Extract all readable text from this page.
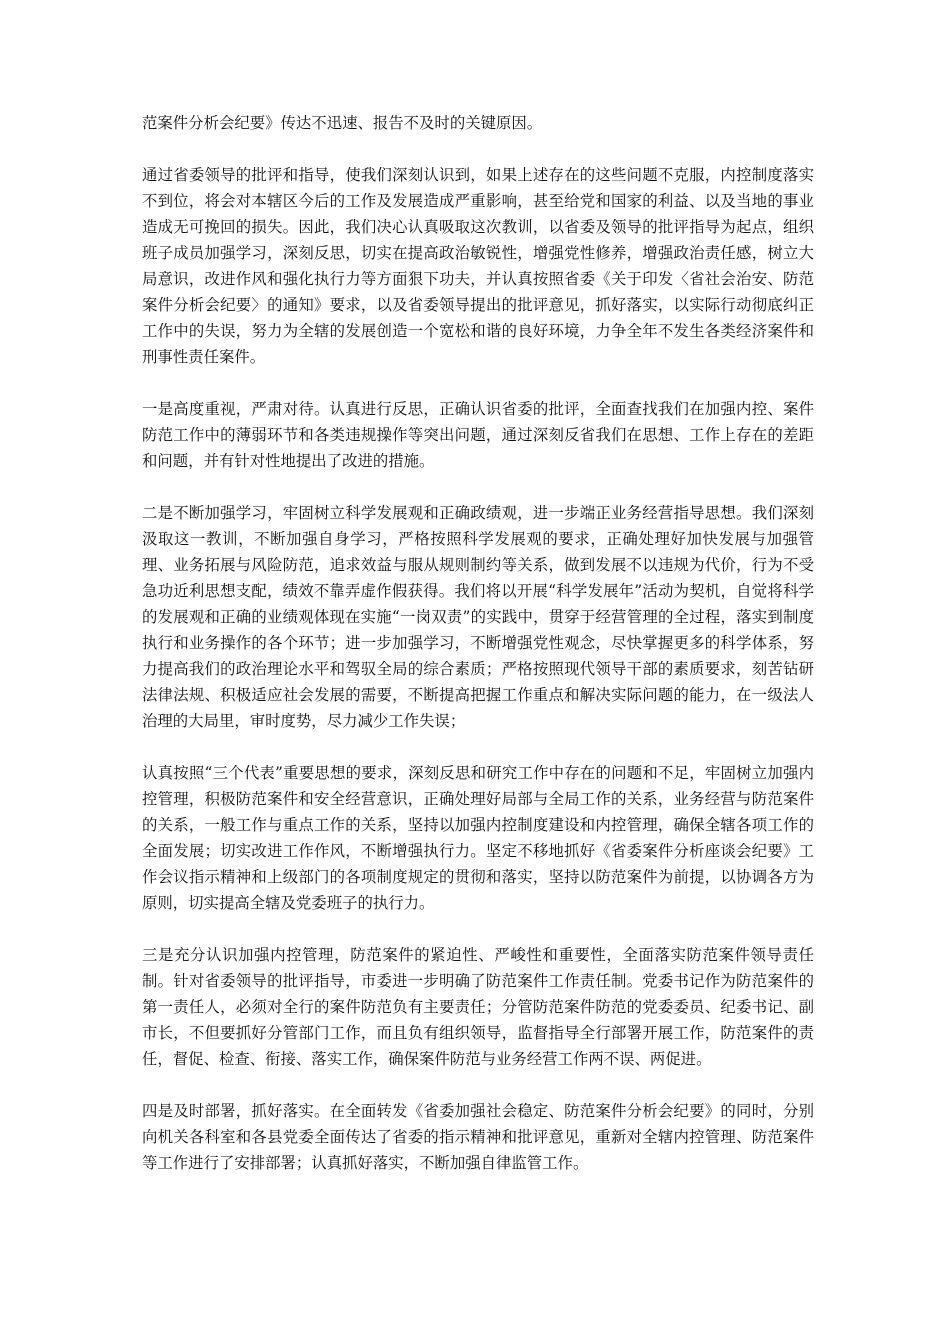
范案件分析会纪要》传达不迅速、报告不及时的关键原因。

通过省委领导的批评和指导，使我们深刻认识到，如果上述存在的这些问题不克服，内控制度落实不到位，将会对本辖区今后的工作及发展造成严重影响，甚至给党和国家的利益、以及当地的事业造成无可挽回的损失。因此，我们决心认真吸取这次教训，以省委及领导的批评指导为起点，组织班子成员加强学习，深刻反思，切实在提高政治敏锐性，增强党性修养，增强政治责任感，树立大局意识，改进作风和强化执行力等方面狠下功夫，并认真按照省委《关于印发〈省社会治安、防范案件分析会纪要〉的通知》要求，以及省委领导提出的批评意见，抓好落实，以实际行动彻底纠正工作中的失误，努力为全辖的发展创造一个宽松和谐的良好环境，力争全年不发生各类经济案件和刑事性责任案件。

一是高度重视，严肃对待。认真进行反思，正确认识省委的批评，全面查找我们在加强内控、案件防范工作中的薄弱环节和各类违规操作等突出问题，通过深刻反省我们在思想、工作上存在的差距和问题，并有针对性地提出了改进的措施。

二是不断加强学习，牢固树立科学发展观和正确政绩观，进一步端正业务经营指导思想。我们深刻汲取这一教训，不断加强自身学习，严格按照科学发展观的要求，正确处理好加快发展与加强管理、业务拓展与风险防范，追求效益与服从规则制约等关系，做到发展不以违规为代价，行为不受急功近利思想支配，绩效不靠弄虚作假获得。我们将以开展“科学发展年”活动为契机，自觉将科学的发展观和正确的业绩观体现在实施“一岗双责”的实践中，贯穿于经营管理的全过程，落实到制度执行和业务操作的各个环节；进一步加强学习，不断增强党性观念，尽快掌握更多的科学体系，努力提高我们的政治理论水平和驾驭全局的综合素质；严格按照现代领导干部的素质要求，刻苦钻研法律法规、积极适应社会发展的需要，不断提高把握工作重点和解决实际问题的能力，在一级法人治理的大局里，审时度势，尽力减少工作失误；

认真按照“三个代表”重要思想的要求，深刻反思和研究工作中存在的问题和不足，牢固树立加强内控管理，积极防范案件和安全经营意识，正确处理好局部与全局工作的关系，业务经营与防范案件的关系，一般工作与重点工作的关系，坚持以加强内控制度建设和内控管理，确保全辖各项工作的全面发展；切实改进工作作风，不断增强执行力。坚定不移地抓好《省委案件分析座谈会纪要》工作会议指示精神和上级部门的各项制度规定的贯彻和落实，坚持以防范案件为前提，以协调各方为原则，切实提高全辖及党委班子的执行力。

三是充分认识加强内控管理，防范案件的紧迫性、严峻性和重要性，全面落实防范案件领导责任制。针对省委领导的批评指导，市委进一步明确了防范案件工作责任制。党委书记作为防范案件的第一责任人，必须对全行的案件防范负有主要责任；分管防范案件防范的党委委员、纪委书记、副市长，不但要抓好分管部门工作，而且负有组织领导，监督指导全行部署开展工作，防范案件的责任，督促、检查、衔接、落实工作，确保案件防范与业务经营工作两不误、两促进。

四是及时部署，抓好落实。在全面转发《省委加强社会稳定、防范案件分析会纪要》的同时，分别向机关各科室和各县党委全面传达了省委的指示精神和批评意见，重新对全辖内控管理、防范案件等工作进行了安排部署；认真抓好落实，不断加强自律监管工作。
